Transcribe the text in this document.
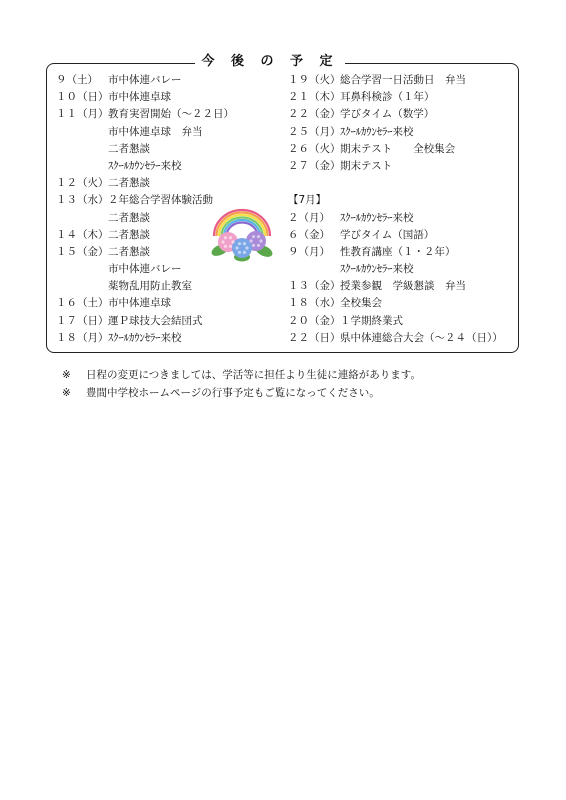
今 後 の 予 定
９（土） 市中体連バレー
１０（日） 市中体連卓球
１１（月） 教育実習開始（～２２日）
市中体連卓球　弁当
二者懇談
ｽｸｰﾙｶｳﾝｾﾗｰ来校
１２（火） 二者懇談
１３（水） ２年総合学習体験活動
二者懇談
１４（木） 二者懇談
１５（金） 二者懇談
市中体連バレー
薬物乱用防止教室
１６（土） 市中体連卓球
１７（日） 運Ｐ球技大会結団式
１８（月） ｽｸｰﾙｶｳﾝｾﾗｰ来校
１９（火） 総合学習一日活動日　弁当
２１（木） 耳鼻科検診（１年）
２２（金） 学びタイム（数学）
２５（月） ｽｸｰﾙｶｳﾝｾﾗｰ来校
２６（火） 期末テスト　　全校集会
２７（金） 期末テスト
【7月】
２（月） ｽｸｰﾙｶｳﾝｾﾗｰ来校
６（金） 学びタイム（国語）
９（月） 性教育講座（１・２年）
ｽｸｰﾙｶｳﾝｾﾗｰ来校
１３（金） 授業参観　学級懇談　弁当
１８（水） 全校集会
２０（金） １学期終業式
２２（日） 県中体連総合大会（～２４（日））
※ 日程の変更につきましては、学活等に担任より生徒に連絡があります。
※ 豊間中学校ホームページの行事予定もご覧になってください。
